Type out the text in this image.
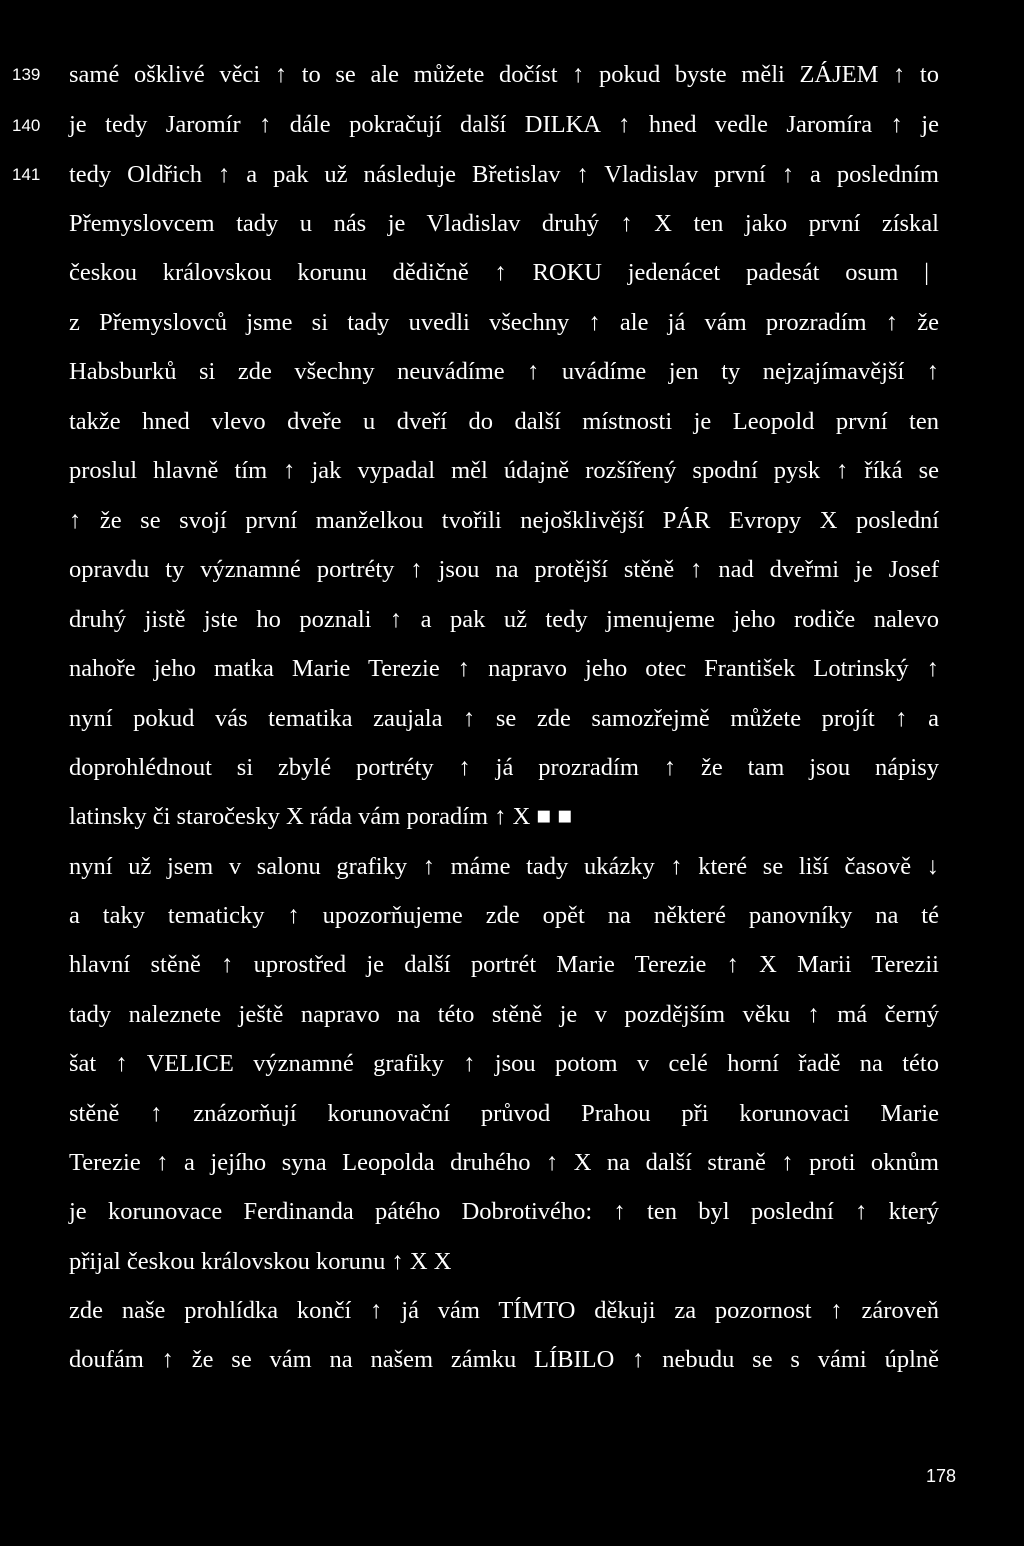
139
140
141
samé ošklivé věci ↑ to se ale můžete dočíst ↑ pokud byste měli ZÁJEM ↑ to
je tedy Jaromír ↑ dále pokračují další DILKA ↑ hned vedle Jaromíra ↑ je
tedy Oldřich ↑ a pak už následuje Břetislav ↑ Vladislav první ↑ a posledním
Přemyslovcem tady u nás je Vladislav druhý ↑ X ten jako první získal
českou královskou korunu dědičně ↑ ROKU jedenácet padesát osum |
z Přemyslovců jsme si tady uvedli všechny ↑ ale já vám prozradím ↑ že
Habsburků si zde všechny neuvádíme ↑ uvádíme jen ty nejzajímavější ↑
takže hned vlevo dveře u dveří do další místnosti je Leopold první ten
proslul hlavně tím ↑ jak vypadal měl údajně rozšířený spodní pysk ↑ říká se
↑ že se svojí první manželkou tvořili nejošklivější PÁR Evropy X poslední
opravdu ty významné portréty ↑ jsou na protější stěně ↑ nad dveřmi je Josef
druhý jistě jste ho poznali ↑ a pak už tedy jmenujeme jeho rodiče nalevo
nahoře jeho matka Marie Terezie ↑ napravo jeho otec František Lotrinský ↑
nyní pokud vás tematika zaujala ↑ se zde samozřejmě můžete projít ↑ a
doprohlédnout si zbylé portréty ↑ já prozradím ↑ že tam jsou nápisy
latinsky či staročesky X ráda vám poradím ↑ X ■ ■
nyní už jsem v salonu grafiky ↑ máme tady ukázky ↑ které se liší časově ↓
a taky tematicky ↑ upozorňujeme zde opět na některé panovníky na té
hlavní stěně ↑ uprostřed je další portrét Marie Terezie ↑ X Marii Terezii
tady naleznete ještě napravo na této stěně je v pozdějším věku ↑ má černý
šat ↑ VELICE významné grafiky ↑ jsou potom v celé horní řadě na této
stěně ↑ znázorňují korunovační průvod Prahou při korunovaci Marie
Terezie ↑ a jejího syna Leopolda druhého ↑ X na další straně ↑ proti oknům
je korunovace Ferdinanda pátého Dobrotivého: ↑ ten byl poslední ↑ který
přijal českou královskou korunu ↑ X X
zde naše prohlídka končí ↑ já vám TÍMTO děkuji za pozornost ↑ zároveň
doufám ↑ že se vám na našem zámku LÍBILO ↑ nebudu se s vámi úplně
178
